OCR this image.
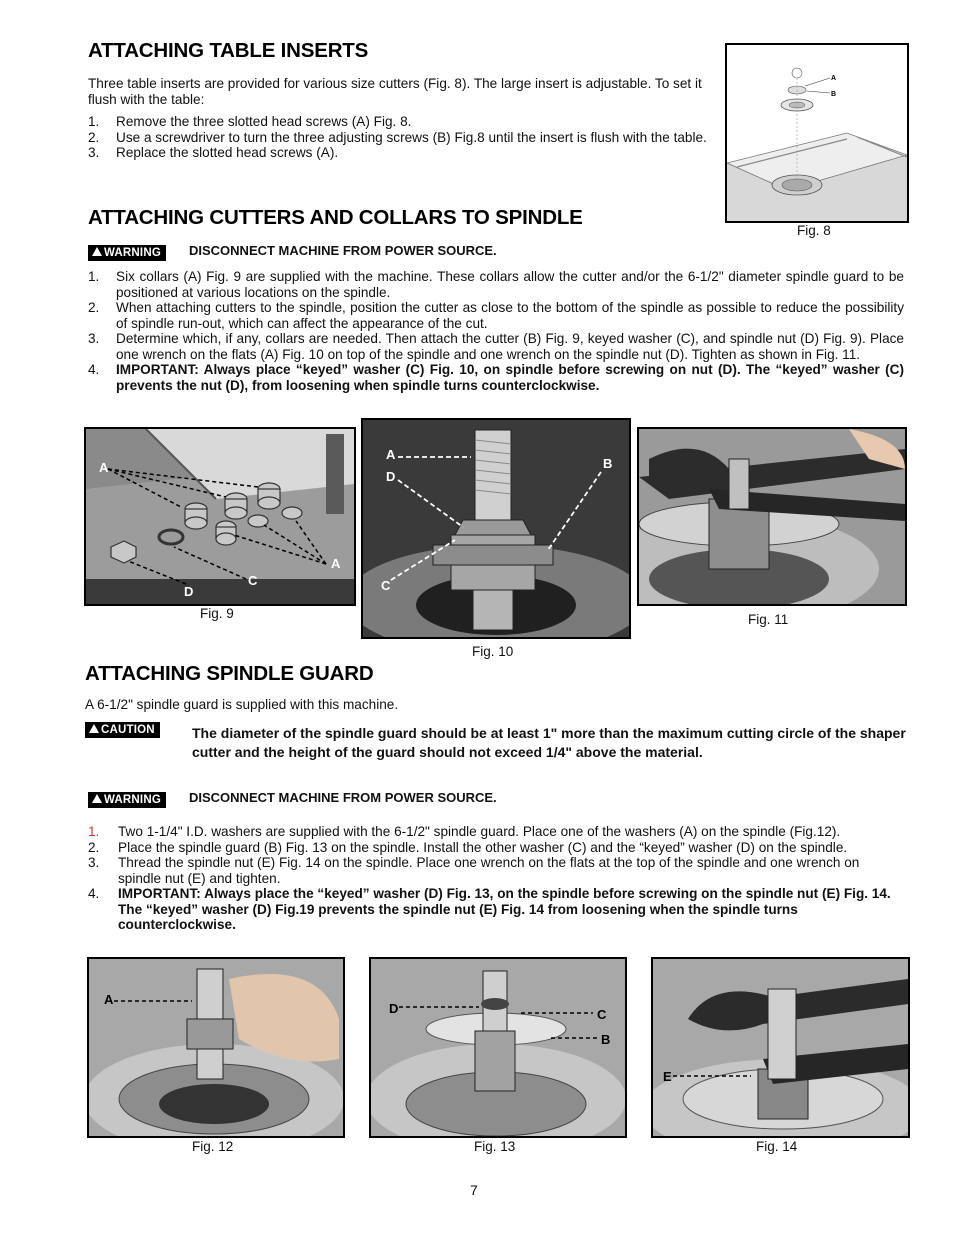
ATTACHING TABLE INSERTS
Three table inserts are provided for various size cutters (Fig. 8). The large insert is adjustable. To set it flush with the table:
1. Remove the three slotted head screws (A) Fig. 8.
2. Use a screwdriver to turn the three adjusting screws (B) Fig.8 until the insert is flush with the table.
3. Replace the slotted head screws (A).
A
B
Fig. 8
ATTACHING CUTTERS AND COLLARS TO SPINDLE
WARNING	DISCONNECT MACHINE FROM POWER SOURCE.
1. Six collars (A) Fig. 9 are supplied with the machine. These collars allow the cutter and/or the 6-1/2" diameter spindle guard to be positioned at various locations on the spindle.
2. When attaching cutters to the spindle, position the cutter as close to the bottom of the spindle as possible to reduce the possibility of spindle run-out, which can affect the appearance of the cut.
3. Determine which, if any, collars are needed. Then attach the cutter (B) Fig. 9, keyed washer (C), and spindle nut (D) Fig. 9). Place one wrench on the flats (A) Fig. 10 on top of the spindle and one wrench on the spindle nut (D). Tighten as shown in Fig. 11.
4. IMPORTANT: Always place “keyed” washer (C) Fig. 10, on spindle before screwing on nut (D). The “keyed” washer (C) prevents the nut (D), from loosening when spindle turns counterclockwise.
A
A
C
D
Fig. 9
A
D
B
C
Fig. 10
Fig. 11
ATTACHING SPINDLE GUARD
A 6-1/2" spindle guard is supplied with this machine.
CAUTION	The diameter of the spindle guard should be at least 1" more than the maximum cutting circle of the shaper cutter and the height of the guard should not exceed 1/4" above the material.
WARNING	DISCONNECT MACHINE FROM POWER SOURCE.
1. Two 1-1/4" I.D. washers are supplied with the 6-1/2" spindle guard. Place one of the washers (A) on the spindle (Fig.12).
2. Place the spindle guard (B) Fig. 13 on the spindle. Install the other washer (C) and the “keyed” washer (D) on the spindle.
3. Thread the spindle nut (E) Fig. 14 on the spindle. Place one wrench on the flats at the top of the spindle and one wrench on spindle nut (E) and tighten.
4. IMPORTANT: Always place the “keyed” washer (D) Fig. 13, on the spindle before screwing on the spindle nut (E) Fig. 14. The “keyed” washer (D) Fig.19 prevents the spindle nut (E) Fig. 14 from loosening when the spindle turns counterclockwise.
A
Fig. 12
D	C
B
Fig. 13
E
Fig. 14
7
